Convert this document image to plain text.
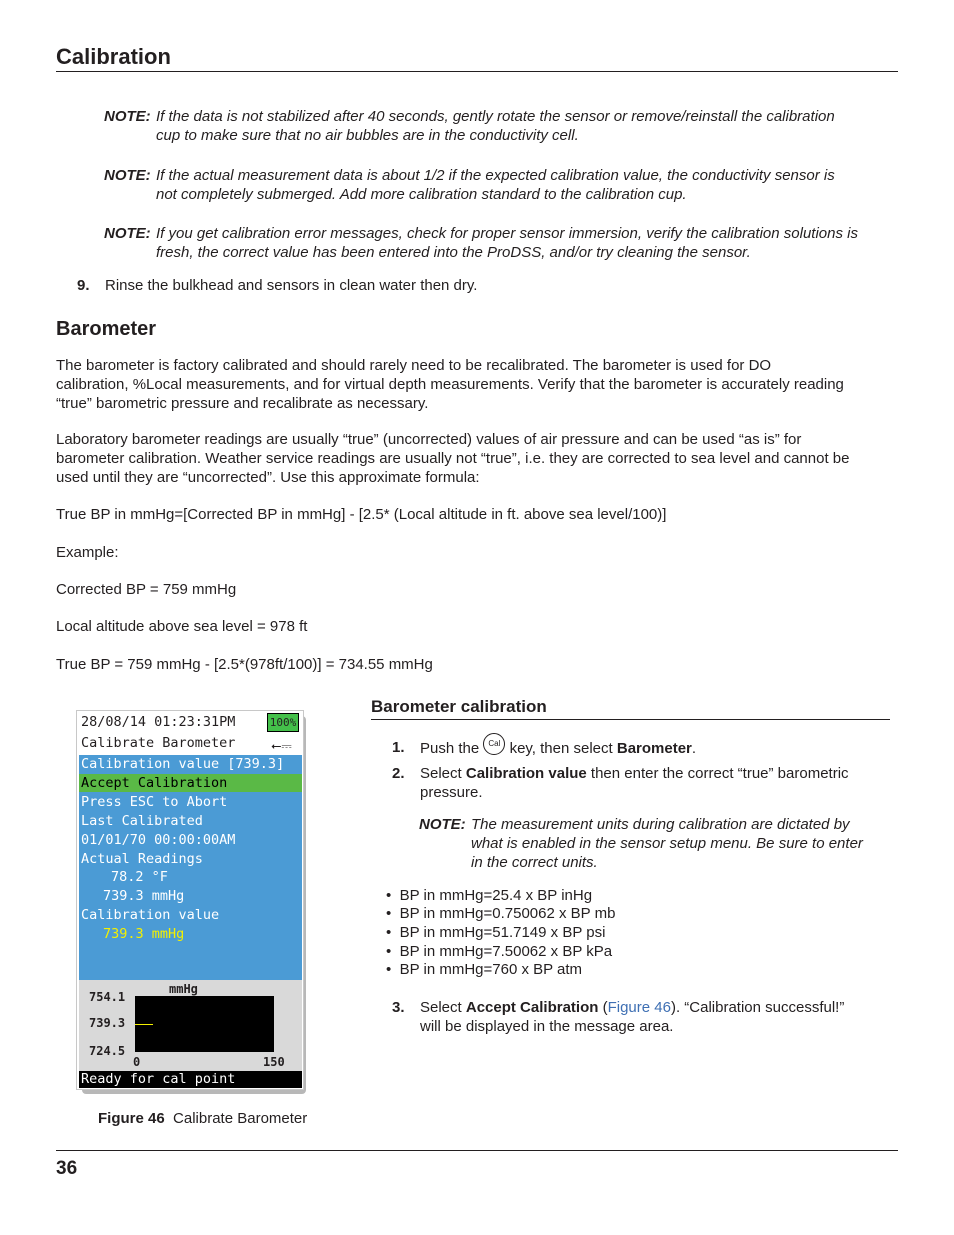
Calibration
NOTE: If the data is not stabilized after 40 seconds, gently rotate the sensor or remove/reinstall the calibration
cup to make sure that no air bubbles are in the conductivity cell.
NOTE: If the actual measurement data is about 1/2 if the expected calibration value, the conductivity sensor is
not completely submerged. Add more calibration standard to the calibration cup.
NOTE: If you get calibration error messages, check for proper sensor immersion, verify the calibration solutions is
fresh, the correct value has been entered into the ProDSS, and/or try cleaning the sensor.
9. Rinse the bulkhead and sensors in clean water then dry.
Barometer
The barometer is factory calibrated and should rarely need to be recalibrated. The barometer is used for DO
calibration, %Local measurements, and for virtual depth measurements. Verify that the barometer is accurately reading
“true” barometric pressure and recalibrate as necessary.
Laboratory barometer readings are usually “true” (uncorrected) values of air pressure and can be used “as is” for
barometer calibration. Weather service readings are usually not “true”, i.e. they are corrected to sea level and cannot be
used until they are “uncorrected”. Use this approximate formula:
True BP in mmHg=[Corrected BP in mmHg] - [2.5* (Local altitude in ft. above sea level/100)]
Example:
Corrected BP = 759 mmHg
Local altitude above sea level = 978 ft
True BP = 759 mmHg - [2.5*(978ft/100)] = 734.55 mmHg
28/08/14 01:23:31PM	100%
Calibrate Barometer	⭠⎓
Calibration value [739.3]
Accept Calibration
Press ESC to Abort
Last Calibrated
01/01/70 00:00:00AM
Actual Readings
78.2 °F
739.3 mmHg
Calibration value
739.3 mmHg
mmHg
754.1
739.3
724.5
0	150
Ready for cal point
Figure 46 Calibrate Barometer
Barometer calibration
1. Push the Cal key, then select Barometer.
2. Select Calibration value then enter the correct “true” barometric
pressure.
NOTE: The measurement units during calibration are dictated by
what is enabled in the sensor setup menu. Be sure to enter
in the correct units.
•  BP in mmHg=25.4 x BP inHg
•  BP in mmHg=0.750062 x BP mb
•  BP in mmHg=51.7149 x BP psi
•  BP in mmHg=7.50062 x BP kPa
•  BP in mmHg=760 x BP atm
3. Select Accept Calibration (Figure 46). “Calibration successful!”
will be displayed in the message area.
36
